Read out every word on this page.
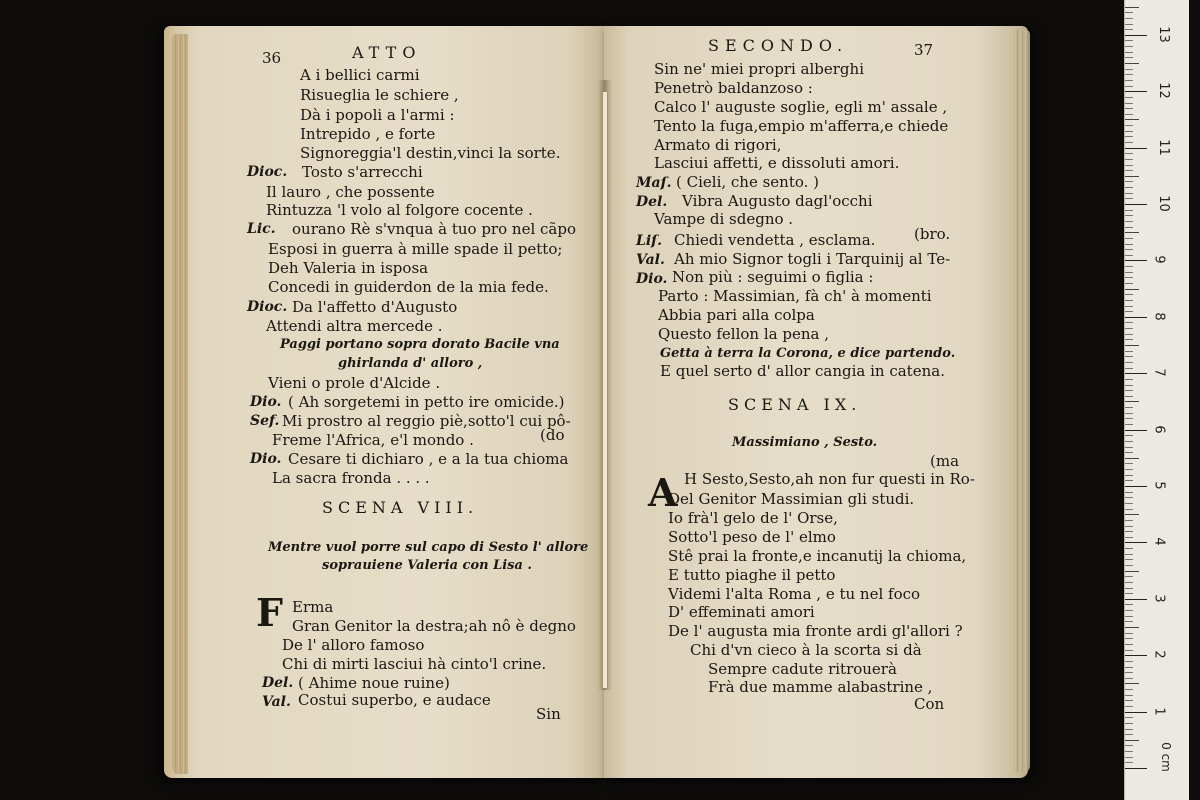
36	ATTO
A i bellici carmi
Risueglia le schiere ,
Dà i popoli a l'armi :
Intrepido , e forte
Signoreggia'l destin,vinci la sorte.
Dioc. Tosto s'arrecchi
Il lauro , che possente
Rintuzza 'l volo al folgore cocente .
Lic. ourano Rè s'vnqua à tuo pro nel cãpo
Esposi in guerra à mille spade il petto;
Deh Valeria in isposa
Concedi in guiderdon de la mia fede.
Dioc. Da l'affetto d'Augusto
Attendi altra mercede .
Paggi portano sopra dorato Bacile vna
ghirlanda d' alloro ,
Vieni o prole d'Alcide .
Dio. ( Ah sorgetemi in petto ire omicide.)
Sef. Mi prostro al reggio piè,sotto'l cui pô-
Freme l'Africa, e'l mondo .	(do
Dio. Cesare ti dichiaro , e a la tua chioma
La sacra fronda . . . .
SCENA VIII.
Mentre vuol porre sul capo di Sesto l' allore
soprauiene Valeria con Lisa .
F Erma
Gran Genitor la destra;ah nô è degno
De l' alloro famoso
Chi di mirti lasciui hà cinto'l crine.
Del. ( Ahime noue ruine)
Val. Costui superbo, e audace
Sin
SECONDO.	37
Sin ne' miei propri alberghi
Penetrò baldanzoso :
Calco l' auguste soglie, egli m' assale ,
Tento la fuga,empio m'afferra,e chiede
Armato di rigori,
Lasciui affetti, e dissoluti amori.
Maſ. ( Cieli, che sento. )
Del. Vibra Augusto dagl'occhi
Vampe di sdegno .
Liſ. Chiedi vendetta , esclama.	(bro.
Val. Ah mio Signor togli i Tarquinij al Te-
Dio. Non più : seguimi o figlia :
Parto : Massimian, fà ch' à momenti
Abbia pari alla colpa
Questo fellon la pena ,
Getta à terra la Corona, e dice partendo.
E quel serto d' allor cangia in catena.
SCENA IX.
Massimiano , Sesto.
(ma
A H Sesto,Sesto,ah non fur questi in Ro-
Del Genitor Massimian gli studi.
Io frà'l gelo de l' Orse,
Sotto'l peso de l' elmo
Stê prai la fronte,e incanutij la chioma,
E tutto piaghe il petto
Videmi l'alta Roma , e tu nel foco
D' effeminati amori
De l' augusta mia fronte ardi gl'allori ?
Chi d'vn cieco à la scorta si dà
Sempre cadute ritrouerà
Frà due mamme alabastrine ,
Con	1
2
3
4
5
6
7
8
9
10
11
12
13
0 cm
